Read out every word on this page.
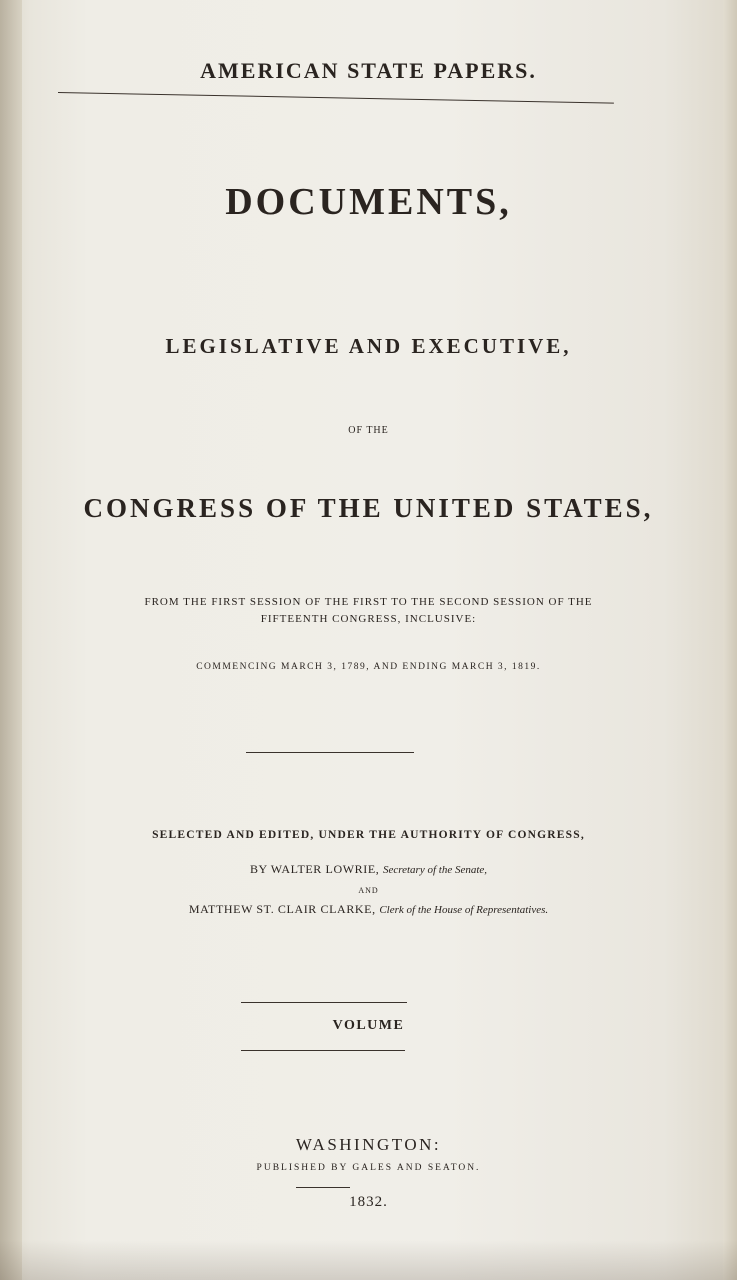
AMERICAN STATE PAPERS.
DOCUMENTS,
LEGISLATIVE AND EXECUTIVE,
OF THE
CONGRESS OF THE UNITED STATES,
FROM THE FIRST SESSION OF THE FIRST TO THE SECOND SESSION OF THE
FIFTEENTH CONGRESS, INCLUSIVE:
COMMENCING MARCH 3, 1789, AND ENDING MARCH 3, 1819.
SELECTED AND EDITED, UNDER THE AUTHORITY OF CONGRESS,
BY WALTER LOWRIE, Secretary of the Senate,
AND
MATTHEW ST. CLAIR CLARKE, Clerk of the House of Representatives.
VOLUME
WASHINGTON:
PUBLISHED BY GALES AND SEATON.
1832.
